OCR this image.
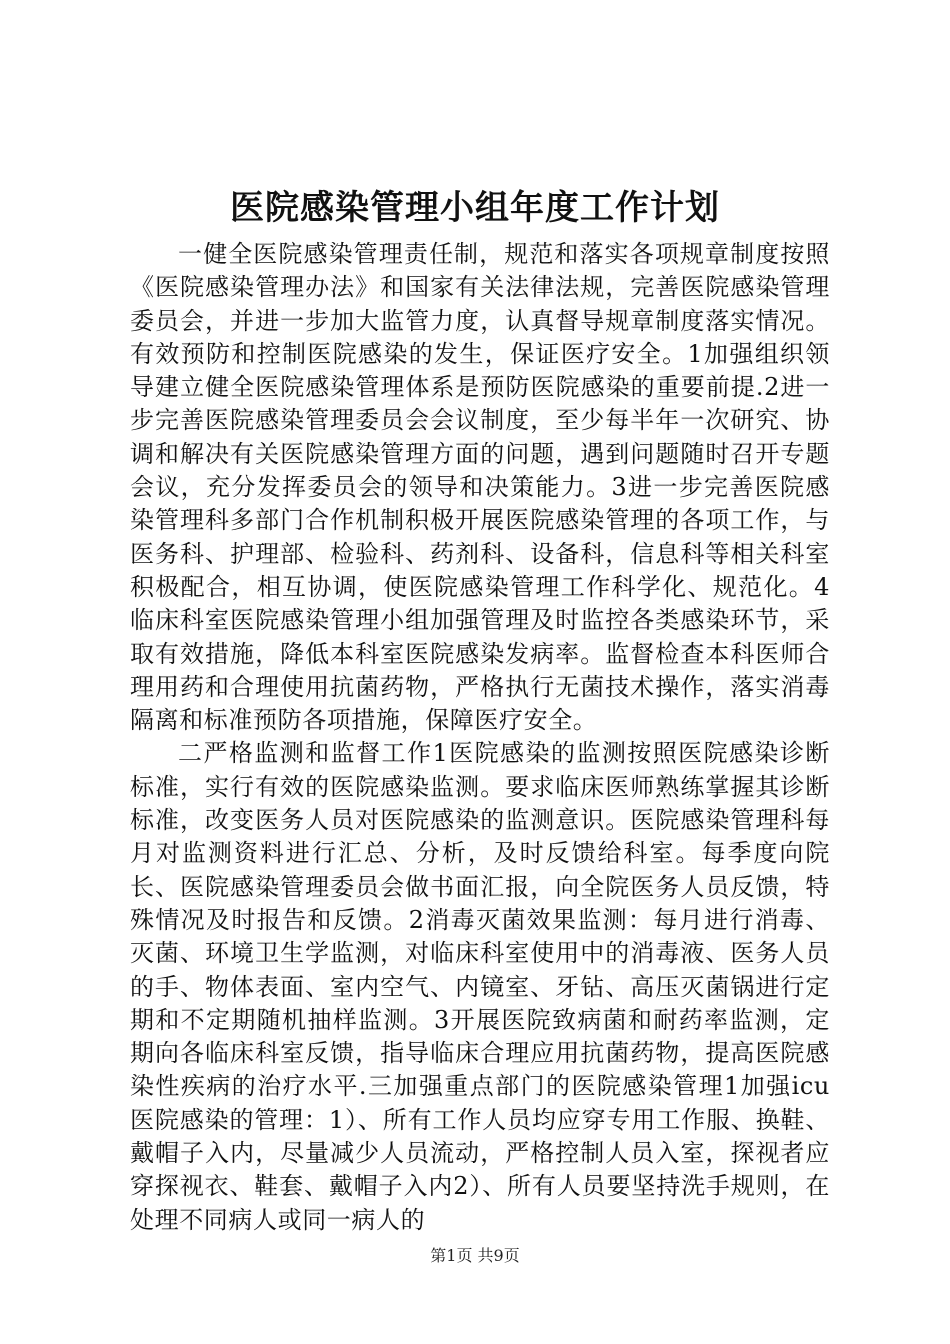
医院感染管理小组年度工作计划

一健全医院感染管理责任制，规范和落实各项规章制度按照《医院感染管理办法》和国家有关法律法规，完善医院感染管理委员会，并进一步加大监管力度，认真督导规章制度落实情况。有效预防和控制医院感染的发生，保证医疗安全。1加强组织领导建立健全医院感染管理体系是预防医院感染的重要前提.2进一步完善医院感染管理委员会会议制度，至少每半年一次研究、协调和解决有关医院感染管理方面的问题，遇到问题随时召开专题会议，充分发挥委员会的领导和决策能力。3进一步完善医院感染管理科多部门合作机制积极开展医院感染管理的各项工作，与医务科、护理部、检验科、药剂科、设备科，信息科等相关科室积极配合，相互协调，使医院感染管理工作科学化、规范化。4临床科室医院感染管理小组加强管理及时监控各类感染环节，采取有效措施，降低本科室医院感染发病率。监督检查本科医师合理用药和合理使用抗菌药物，严格执行无菌技术操作，落实消毒隔离和标准预防各项措施，保障医疗安全。

二严格监测和监督工作1医院感染的监测按照医院感染诊断标准，实行有效的医院感染监测。要求临床医师熟练掌握其诊断标准，改变医务人员对医院感染的监测意识。医院感染管理科每月对监测资料进行汇总、分析，及时反馈给科室。每季度向院长、医院感染管理委员会做书面汇报，向全院医务人员反馈，特殊情况及时报告和反馈。2消毒灭菌效果监测：每月进行消毒、灭菌、环境卫生学监测，对临床科室使用中的消毒液、医务人员的手、物体表面、室内空气、内镜室、牙钻、高压灭菌锅进行定期和不定期随机抽样监测。3开展医院致病菌和耐药率监测，定期向各临床科室反馈，指导临床合理应用抗菌药物，提高医院感染性疾病的治疗水平.三加强重点部门的医院感染管理1加强icu医院感染的管理：1）、所有工作人员均应穿专用工作服、换鞋、戴帽子入内，尽量减少人员流动，严格控制人员入室，探视者应穿探视衣、鞋套、戴帽子入内2）、所有人员要坚持洗手规则，在处理不同病人或同一病人的

第1页 共9页
